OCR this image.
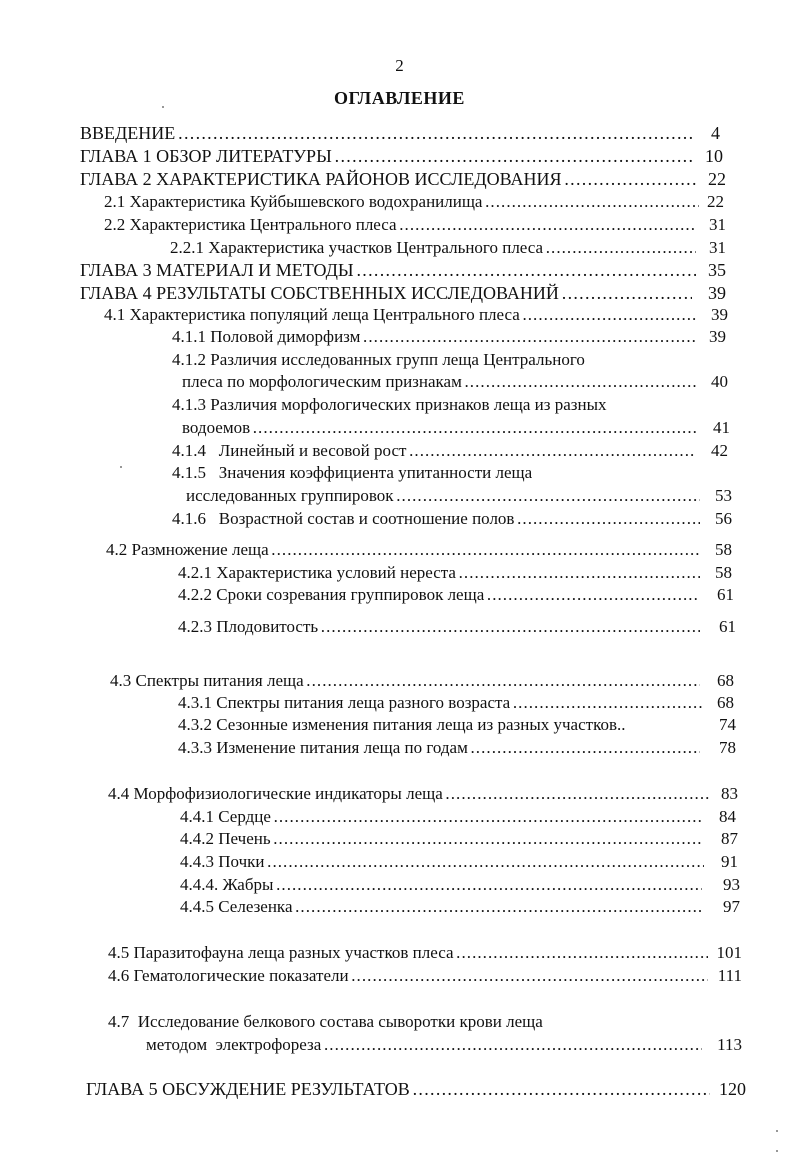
2
ОГЛАВЛЕНИЕ
ВВЕДЕНИЕ . . .	4
ГЛАВА 1 ОБЗОР ЛИТЕРАТУРЫ . . .	10
ГЛАВА 2 ХАРАКТЕРИСТИКА РАЙОНОВ ИССЛЕДОВАНИЯ . . .	22
2.1 Характеристика Куйбышевского водохранилища . . .	22
2.2 Характеристика Центрального плеса . . .	31
2.2.1 Характеристика участков Центрального плеса . . .	31
ГЛАВА 3 МАТЕРИАЛ И МЕТОДЫ . . .	35
ГЛАВА 4 РЕЗУЛЬТАТЫ СОБСТВЕННЫХ ИССЛЕДОВАНИЙ . . .	39
4.1 Характеристика популяций леща Центрального плеса . . .	39
4.1.1 Половой диморфизм . . .	39
4.1.2 Различия исследованных групп леща Центрального
плеса по морфологическим признакам . . .	40
4.1.3 Различия морфологических признаков леща из разных
водоемов . . .	41
4.1.4   Линейный и весовой рост . . .	42
4.1.5   Значения коэффициента упитанности леща
исследованных группировок . . .	53
4.1.6   Возрастной состав и соотношение полов . . .	56
4.2 Размножение леща . . .	58
4.2.1 Характеристика условий нереста . . .	58
4.2.2 Сроки созревания группировок леща . . .	61
4.2.3 Плодовитость . . .	61
4.3 Спектры питания леща . . .	68
4.3.1 Спектры питания леща разного возраста . . .	68
4.3.2 Сезонные изменения питания леща из разных участков..	74
4.3.3 Изменение питания леща по годам . . .	78
4.4 Морфофизиологические индикаторы леща . . .	83
4.4.1 Сердце . . .	84
4.4.2 Печень . . .	87
4.4.3 Почки . . .	91
4.4.4. Жабры . . .	93
4.4.5 Селезенка . . .	97
4.5 Паразитофауна леща разных участков плеса . . .	101
4.6 Гематологические показатели . . .	111
4.7  Исследование белкового состава сыворотки крови леща
методом  электрофореза . . .	113
ГЛАВА 5 ОБСУЖДЕНИЕ РЕЗУЛЬТАТОВ . . .	120
